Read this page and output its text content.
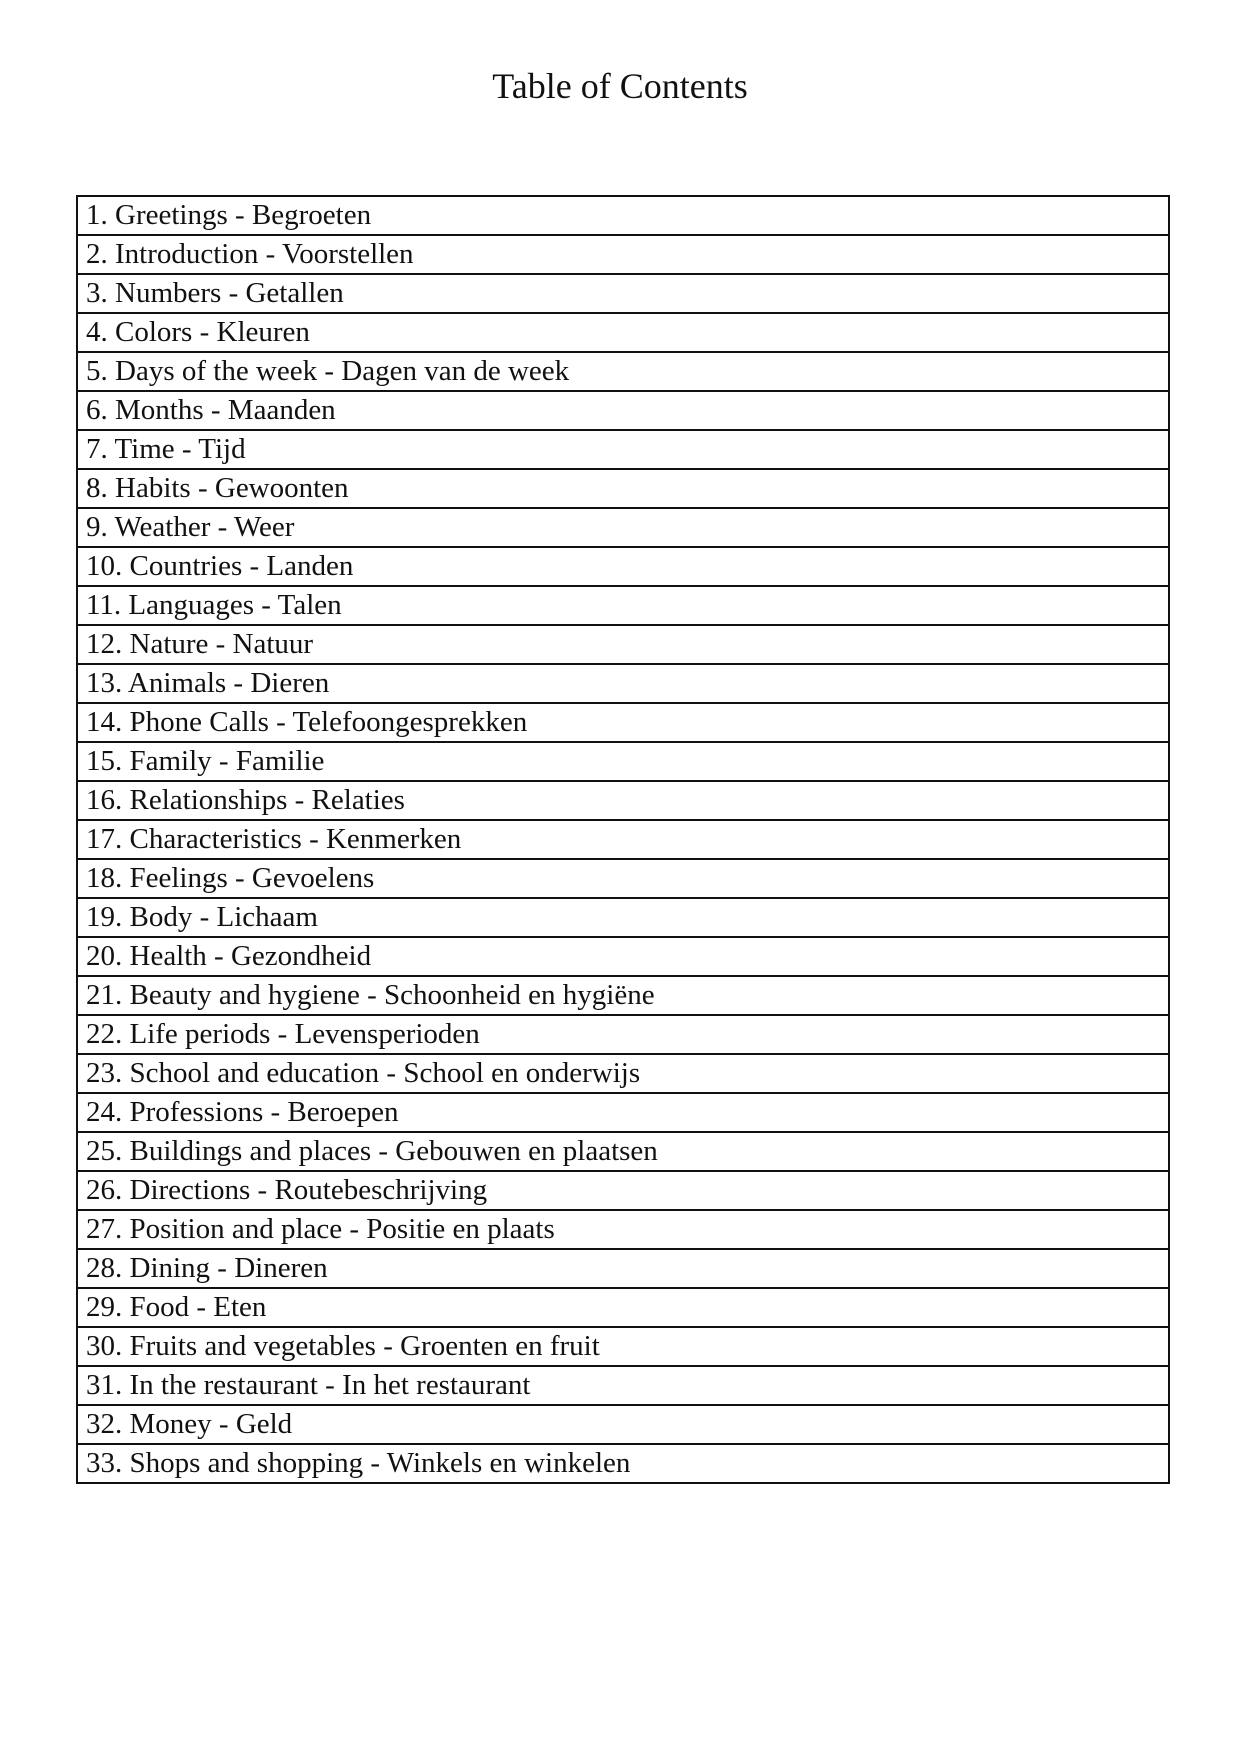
Table of Contents
1. Greetings - Begroeten
2. Introduction - Voorstellen
3. Numbers - Getallen
4. Colors - Kleuren
5. Days of the week - Dagen van de week
6. Months - Maanden
7. Time - Tijd
8. Habits - Gewoonten
9. Weather - Weer
10. Countries - Landen
11. Languages - Talen
12. Nature - Natuur
13. Animals - Dieren
14. Phone Calls - Telefoongesprekken
15. Family - Familie
16. Relationships - Relaties
17. Characteristics - Kenmerken
18. Feelings - Gevoelens
19. Body - Lichaam
20. Health - Gezondheid
21. Beauty and hygiene - Schoonheid en hygiëne
22. Life periods - Levensperioden
23. School and education - School en onderwijs
24. Professions - Beroepen
25. Buildings and places - Gebouwen en plaatsen
26. Directions - Routebeschrijving
27. Position and place - Positie en plaats
28. Dining - Dineren
29. Food - Eten
30. Fruits and vegetables - Groenten en fruit
31. In the restaurant - In het restaurant
32. Money - Geld
33. Shops and shopping - Winkels en winkelen
